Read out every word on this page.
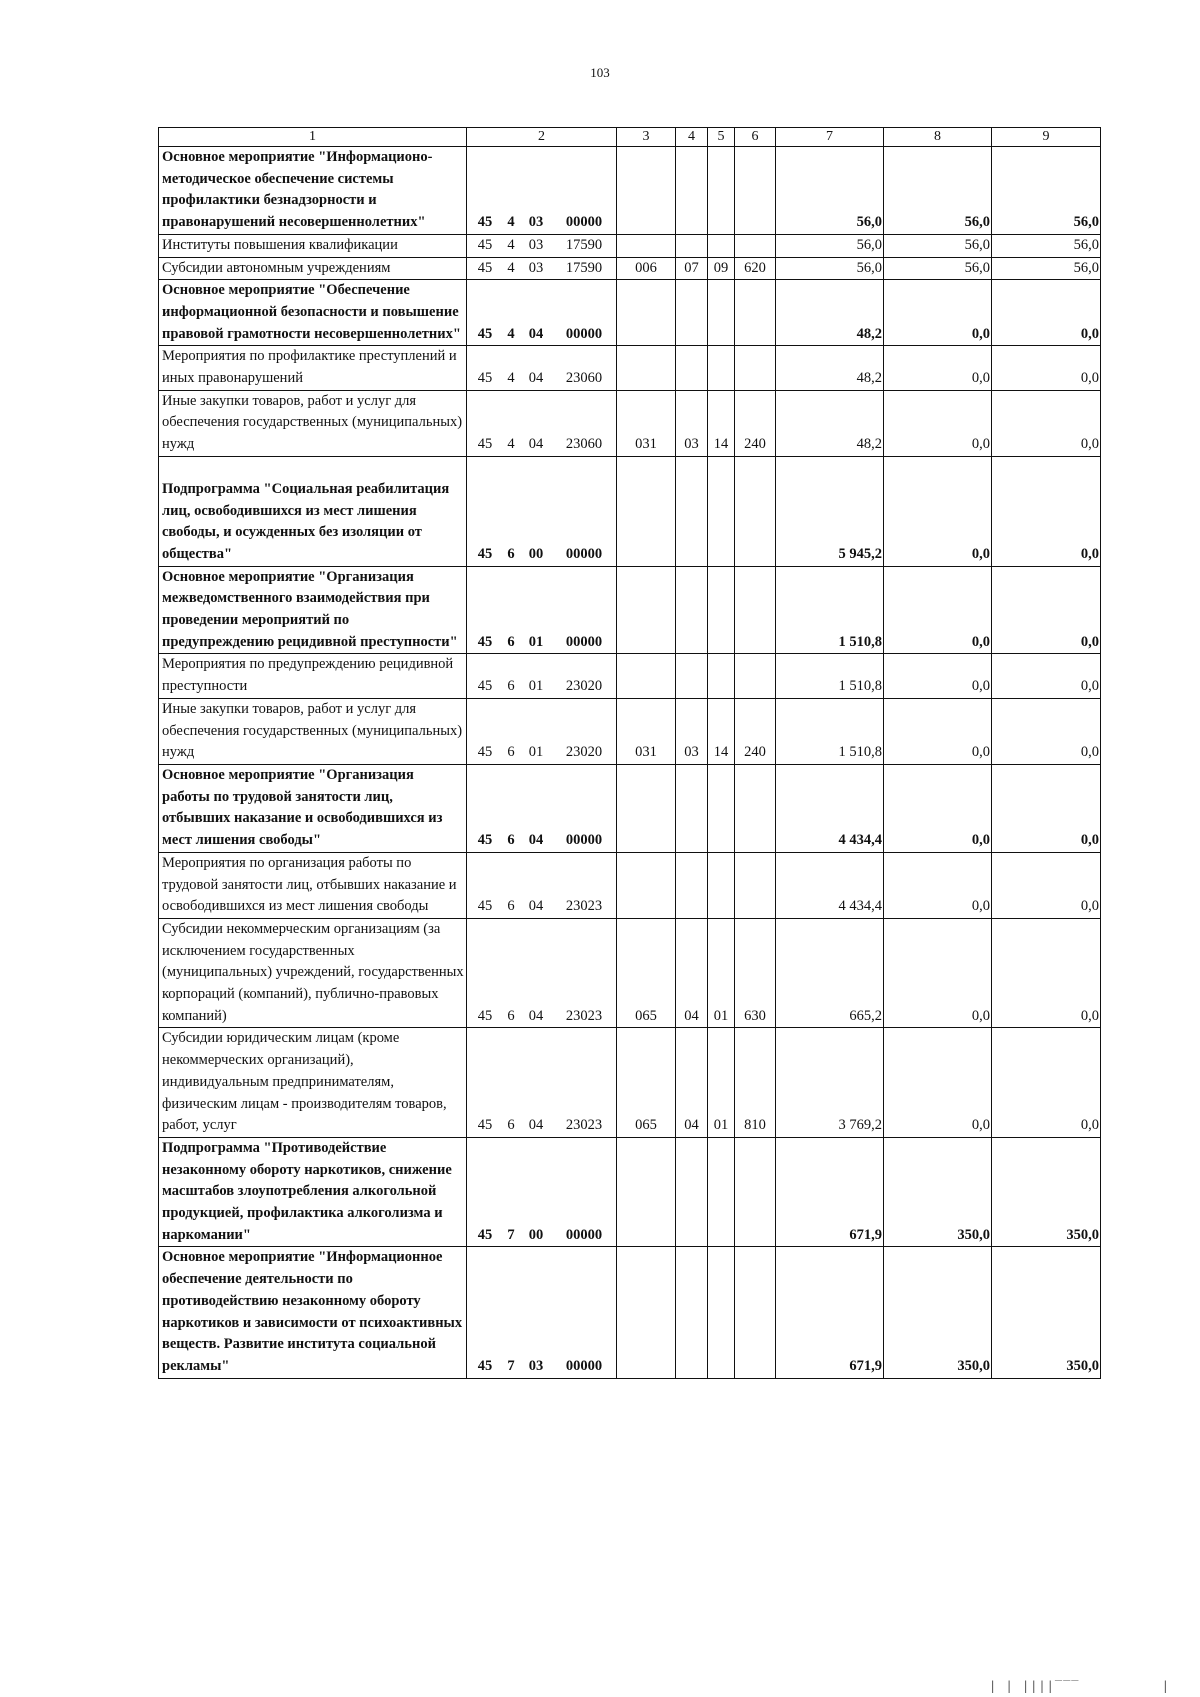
103
1	2	3	4	5	6	7	8	9
Основное мероприятие "Информационо-методическое обеспечение системы профилактики безнадзорности и правонарушений несовершеннолетних"	45 4 03 00000					56,0	56,0	56,0
Институты повышения квалификации	45 4 03 17590					56,0	56,0	56,0
Субсидии автономным учреждениям	45 4 03 17590	006	07	09	620	56,0	56,0	56,0
Основное мероприятие "Обеспечение информационной безопасности и повышение правовой грамотности несовершеннолетних"	45 4 04 00000					48,2	0,0	0,0
Мероприятия по профилактике преступлений и иных правонарушений	45 4 04 23060					48,2	0,0	0,0
Иные закупки товаров, работ и услуг для обеспечения государственных (муниципальных) нужд	45 4 04 23060	031	03	14	240	48,2	0,0	0,0
Подпрограмма "Социальная реабилитация лиц, освободившихся из мест лишения свободы, и осужденных без изоляции от общества"	45 6 00 00000					5 945,2	0,0	0,0
Основное мероприятие "Организация межведомственного взаимодействия при проведении мероприятий по предупреждению рецидивной преступности"	45 6 01 00000					1 510,8	0,0	0,0
Мероприятия по предупреждению рецидивной преступности	45 6 01 23020					1 510,8	0,0	0,0
Иные закупки товаров, работ и услуг для обеспечения государственных (муниципальных) нужд	45 6 01 23020	031	03	14	240	1 510,8	0,0	0,0
Основное мероприятие "Организация работы по трудовой занятости лиц, отбывших наказание и освободившихся из мест лишения свободы"	45 6 04 00000					4 434,4	0,0	0,0
Мероприятия по организация работы по трудовой занятости лиц, отбывших наказание и освободившихся из мест лишения свободы	45 6 04 23023					4 434,4	0,0	0,0
Субсидии некоммерческим организациям (за исключением государственных (муниципальных) учреждений, государственных корпораций (компаний), публично-правовых компаний)	45 6 04 23023	065	04	01	630	665,2	0,0	0,0
Субсидии юридическим лицам (кроме некоммерческих организаций), индивидуальным предпринимателям, физическим лицам - производителям товаров, работ, услуг	45 6 04 23023	065	04	01	810	3 769,2	0,0	0,0
Подпрограмма "Противодействие незаконному обороту наркотиков, снижение масштабов злоупотребления алкогольной продукцией, профилактика алкоголизма и наркомании"	45 7 00 00000					671,9	350,0	350,0
Основное мероприятие "Информационное обеспечение деятельности по противодействию незаконному обороту наркотиков и зависимости от психоактивных веществ. Развитие института социальной рекламы"	45 7 03 00000					671,9	350,0	350,0
| | ||||‾‾‾          |
